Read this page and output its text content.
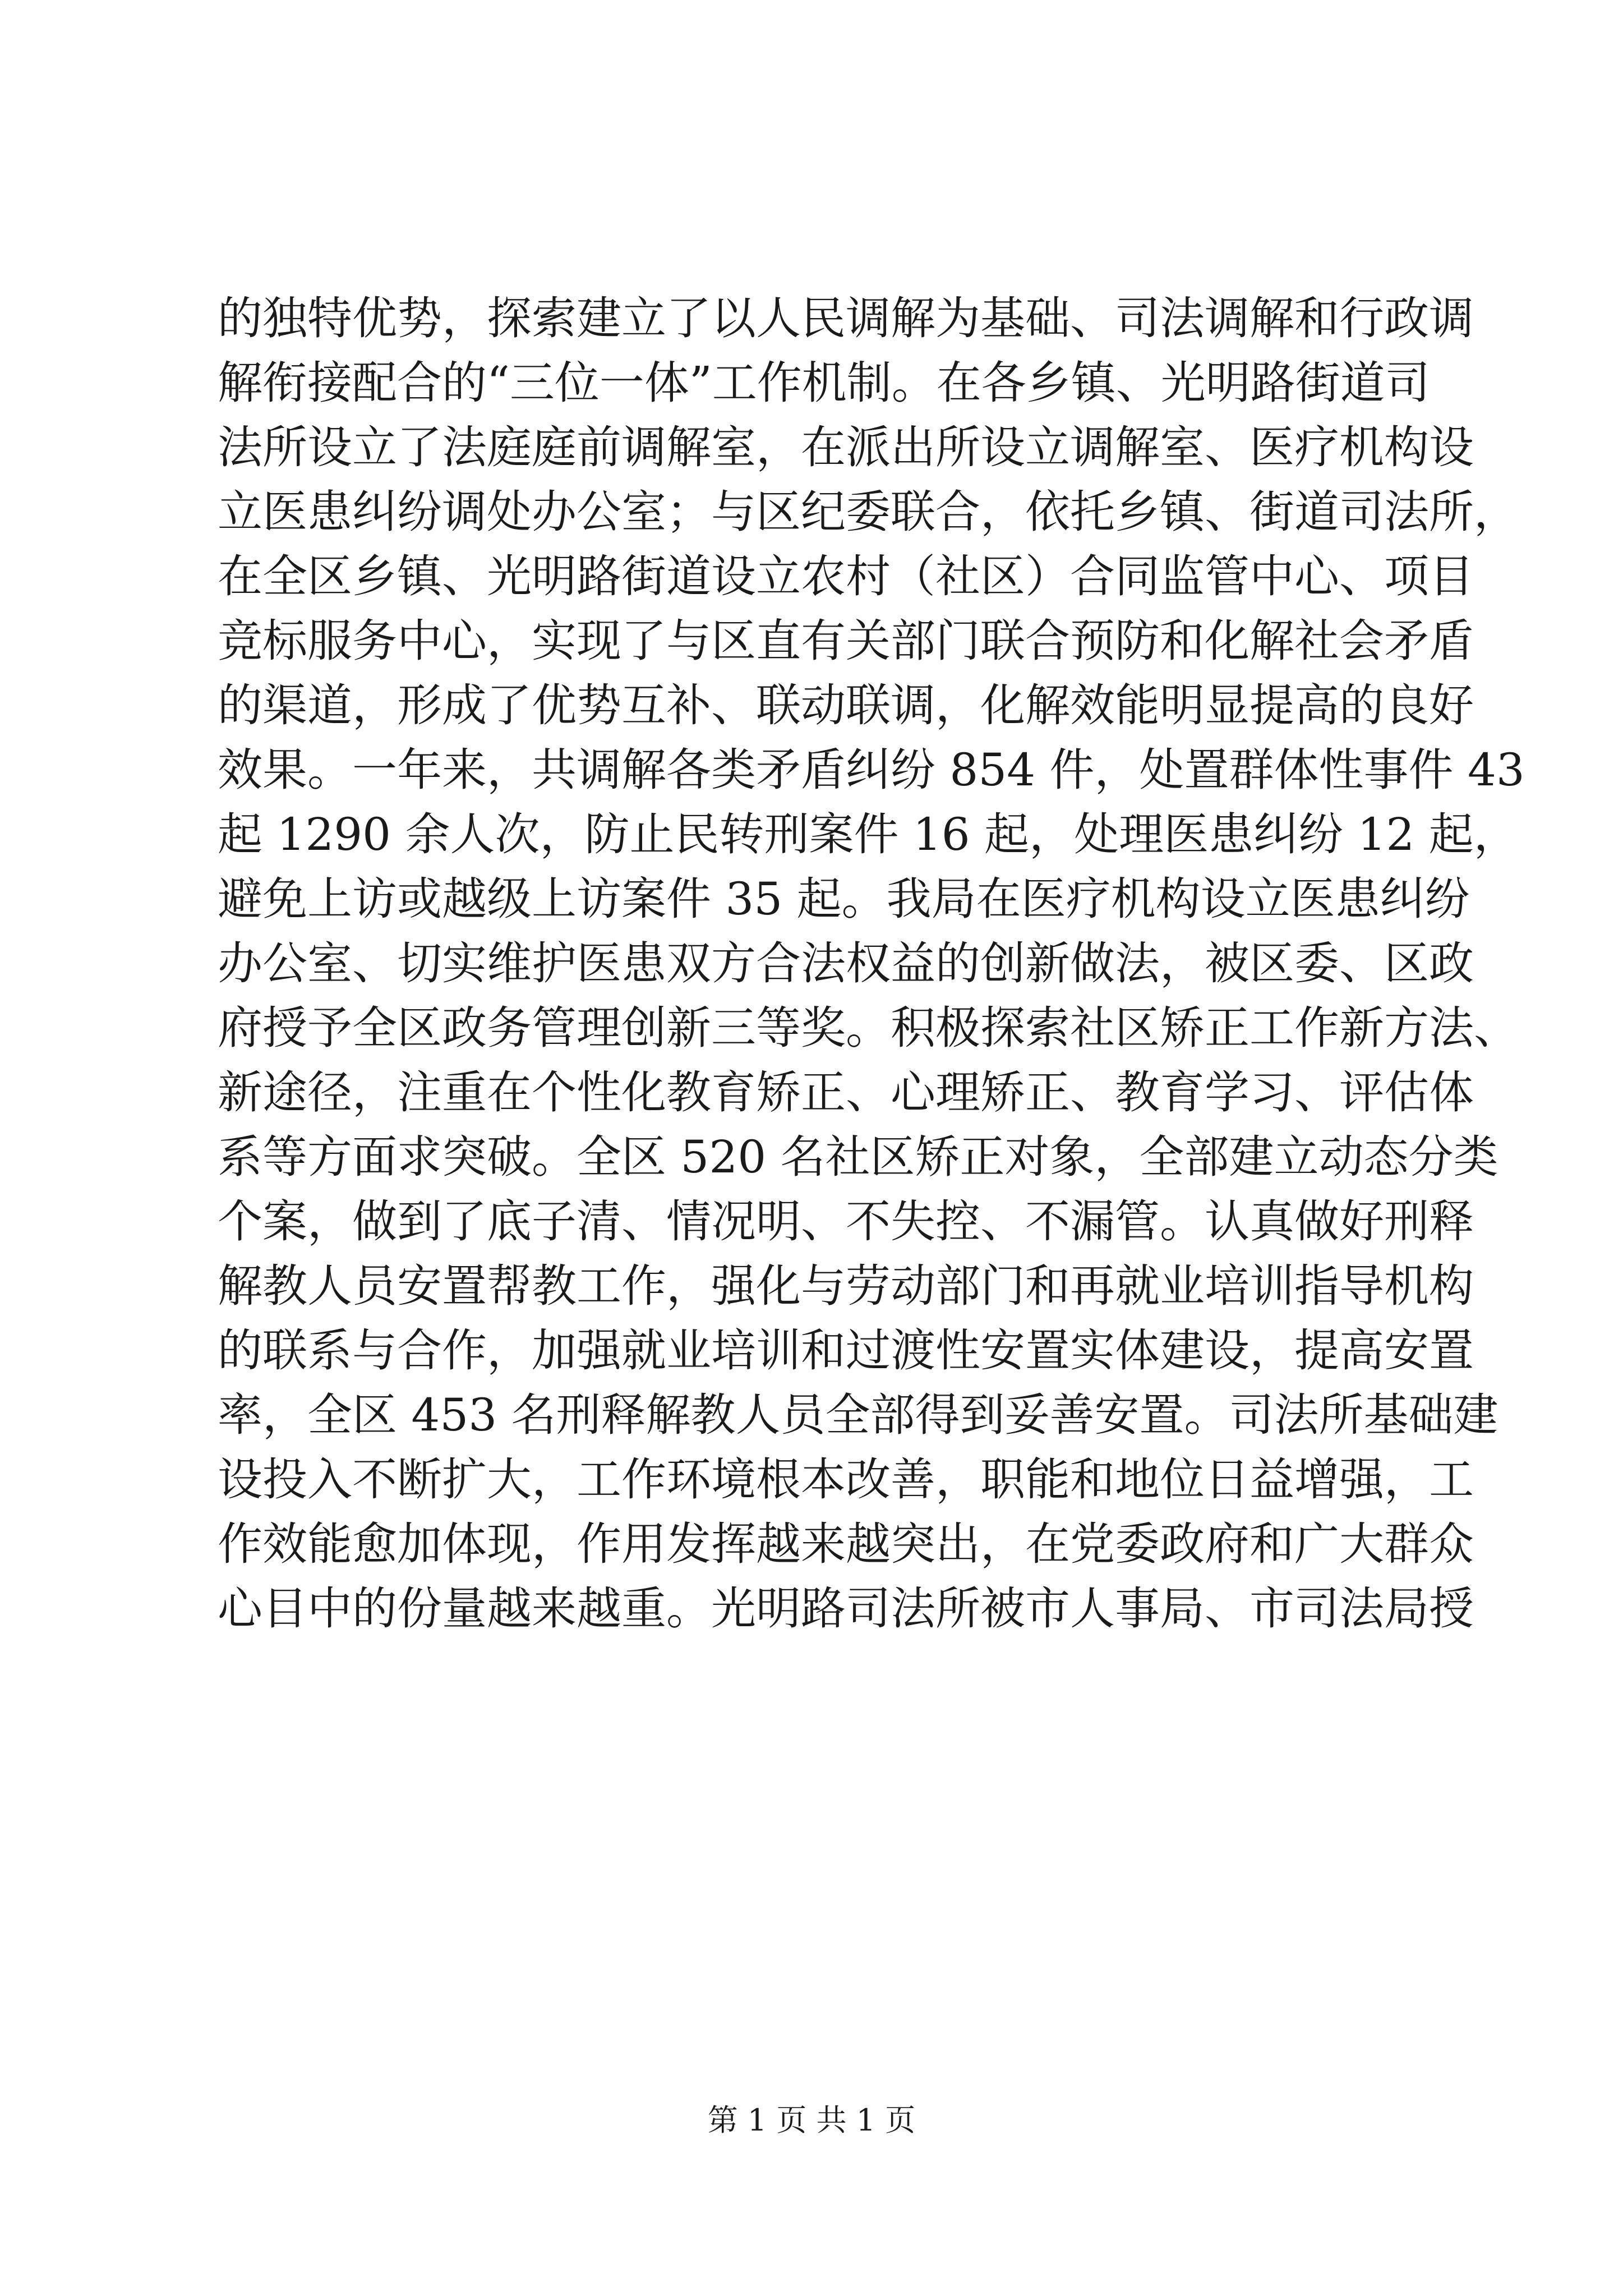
的独特优势，探索建立了以人民调解为基础、司法调解和行政调
解衔接配合的“三位一体”工作机制。在各乡镇、光明路街道司
法所设立了法庭庭前调解室，在派出所设立调解室、医疗机构设
立医患纠纷调处办公室；与区纪委联合，依托乡镇、街道司法所，
在全区乡镇、光明路街道设立农村（社区）合同监管中心、项目
竞标服务中心，实现了与区直有关部门联合预防和化解社会矛盾
的渠道，形成了优势互补、联动联调，化解效能明显提高的良好
效果。一年来，共调解各类矛盾纠纷 854 件，处置群体性事件 43
起 1290 余人次，防止民转刑案件 16 起，处理医患纠纷 12 起，
避免上访或越级上访案件 35 起。我局在医疗机构设立医患纠纷
办公室、切实维护医患双方合法权益的创新做法，被区委、区政
府授予全区政务管理创新三等奖。积极探索社区矫正工作新方法、
新途径，注重在个性化教育矫正、心理矫正、教育学习、评估体
系等方面求突破。全区 520 名社区矫正对象，全部建立动态分类
个案，做到了底子清、情况明、不失控、不漏管。认真做好刑释
解教人员安置帮教工作，强化与劳动部门和再就业培训指导机构
的联系与合作，加强就业培训和过渡性安置实体建设，提高安置
率，全区 453 名刑释解教人员全部得到妥善安置。司法所基础建
设投入不断扩大，工作环境根本改善，职能和地位日益增强，工
作效能愈加体现，作用发挥越来越突出，在党委政府和广大群众
心目中的份量越来越重。光明路司法所被市人事局、市司法局授
第 1 页 共 1 页
